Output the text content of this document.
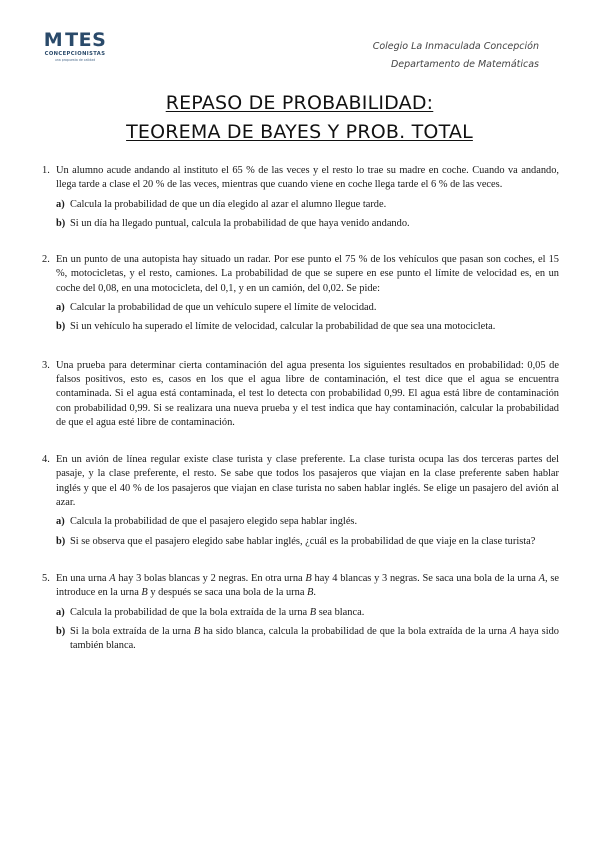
M TES
CONCEPCIONISTAS
una propuesta de calidad
Colegio La Inmaculada Concepción
Departamento de Matemáticas
REPASO DE PROBABILIDAD:
TEOREMA DE BAYES Y PROB. TOTAL
1. Un alumno acude andando al instituto el 65 % de las veces y el resto lo trae su madre en coche. Cuando va andando, llega tarde a clase el 20 % de las veces, mientras que cuando viene en coche llega tarde el 6 % de las veces.

a) Calcula la probabilidad de que un día elegido al azar el alumno llegue tarde.
b) Si un día ha llegado puntual, calcula la probabilidad de que haya venido andando.
2. En un punto de una autopista hay situado un radar. Por ese punto el 75 % de los vehículos que pasan son coches, el 15 %, motocicletas, y el resto, camiones. La probabilidad de que se supere en ese punto el límite de velocidad es, en un coche del 0,08, en una motocicleta, del 0,1, y en un camión, del 0,02. Se pide:

a) Calcular la probabilidad de que un vehículo supere el límite de velocidad.
b) Si un vehículo ha superado el límite de velocidad, calcular la probabilidad de que sea una motocicleta.
3. Una prueba para determinar cierta contaminación del agua presenta los siguientes resultados en probabilidad: 0,05 de falsos positivos, esto es, casos en los que el agua libre de contaminación, el test dice que el agua se encuentra contaminada. Si el agua está contaminada, el test lo detecta con probabilidad 0,99. El agua está libre de contaminación con probabilidad 0,99. Si se realizara una nueva prueba y el test indica que hay contaminación, calcular la probabilidad de que el agua esté libre de contaminación.

4. En un avión de línea regular existe clase turista y clase preferente. La clase turista ocupa las dos terceras partes del pasaje, y la clase preferente, el resto. Se sabe que todos los pasajeros que viajan en la clase preferente saben hablar inglés y que el 40 % de los pasajeros que viajan en clase turista no saben hablar inglés. Se elige un pasajero del avión al azar.

a) Calcula la probabilidad de que el pasajero elegido sepa hablar inglés.
b) Si se observa que el pasajero elegido sabe hablar inglés, ¿cuál es la probabilidad de que viaje en la clase turista?
5. En una urna A hay 3 bolas blancas y 2 negras. En otra urna B hay 4 blancas y 3 negras. Se saca una bola de la urna A, se introduce en la urna B y después se saca una bola de la urna B.

a) Calcula la probabilidad de que la bola extraída de la urna B sea blanca.
b) Si la bola extraída de la urna B ha sido blanca, calcula la probabilidad de que la bola extraída de la urna A haya sido también blanca.
